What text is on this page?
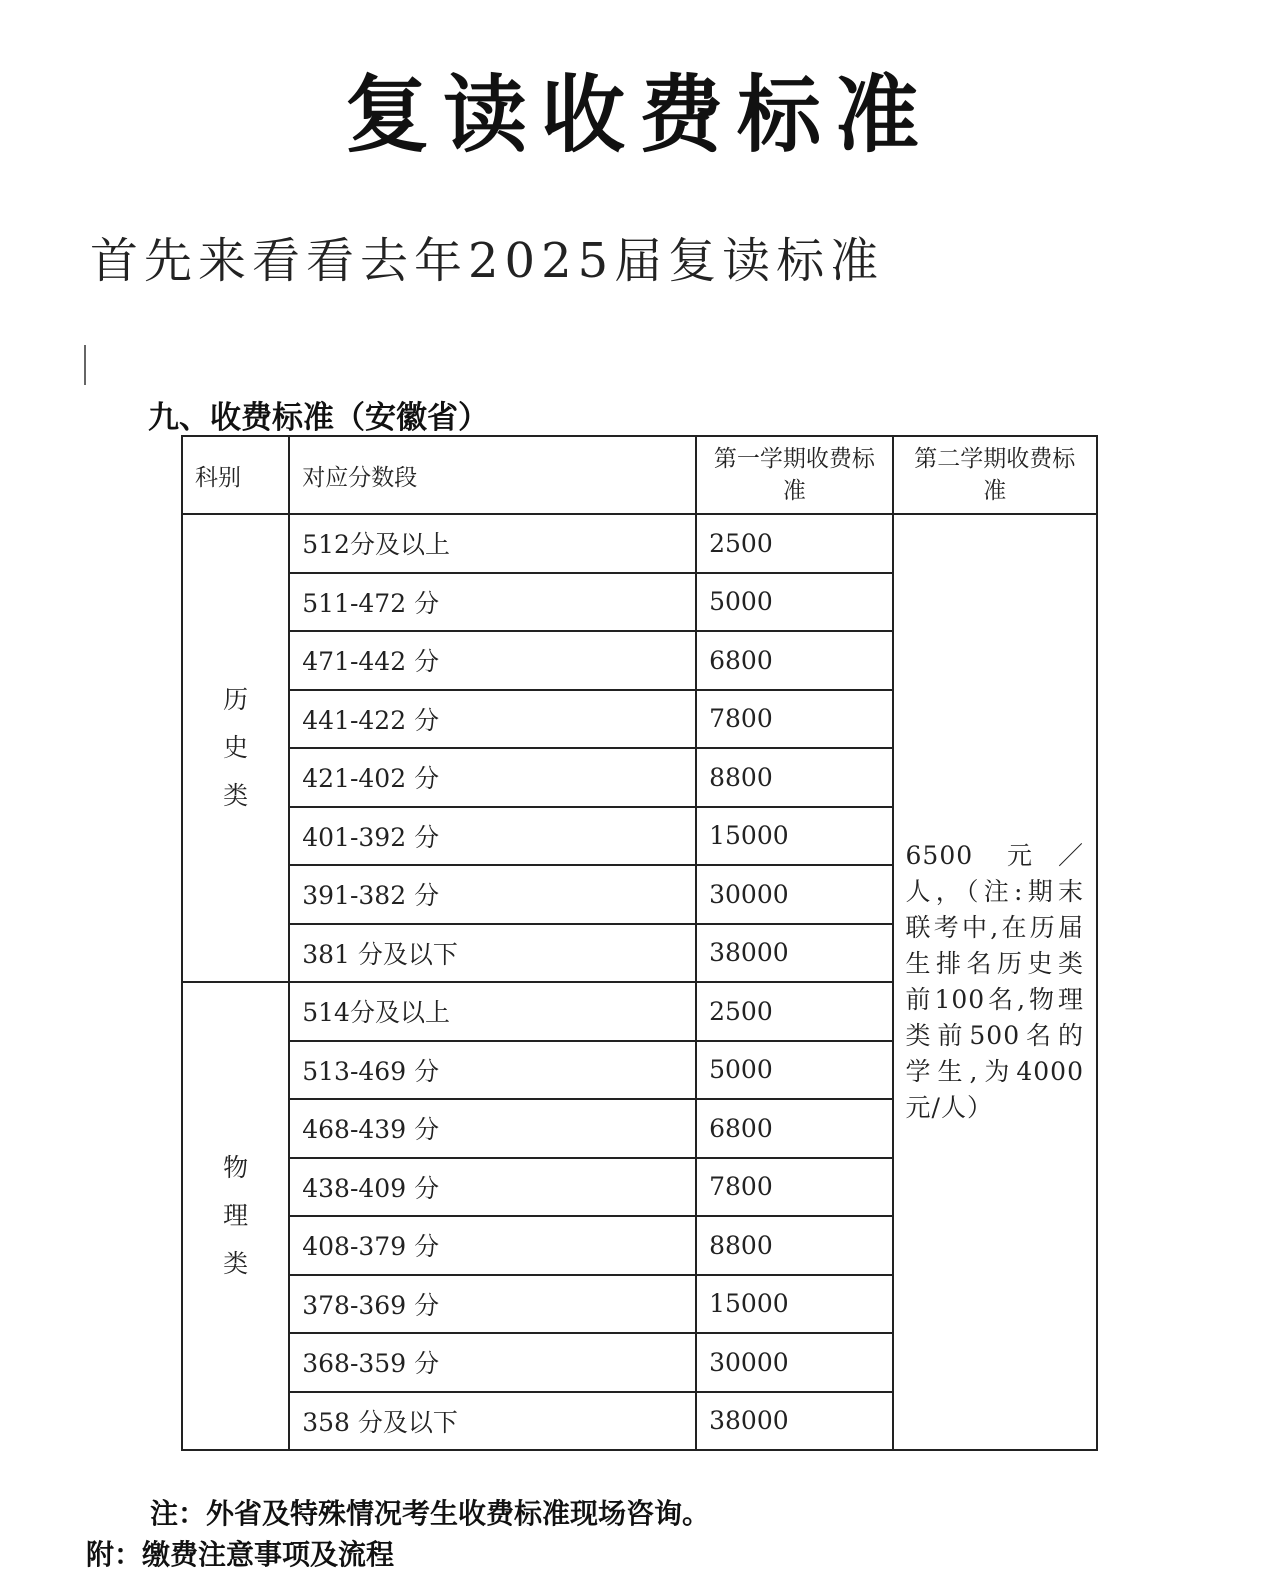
复读收费标准
首先来看看去年2025届复读标准
九、收费标准（安徽省）
科别	对应分数段	第一学期收费标准	第二学期收费标准

历
史
类	512分及以上	2500	6500 元／人，（注:期末联考中,在历届生排名历史类前100名,物理类前500名的学生,为4000元/人）
	511-472 分	5000	
	471-442 分	6800	
	441-422 分	7800	
	421-402 分	8800	
	401-392 分	15000	
	391-382 分	30000	
	381 分及以下	38000	

物
理
类	514分及以上	2500	
	513-469 分	5000	
	468-439 分	6800	
	438-409 分	7800	
	408-379 分	8800	
	378-369 分	15000	
	368-359 分	30000	
	358 分及以下	38000	
注：外省及特殊情况考生收费标准现场咨询。
附：缴费注意事项及流程
